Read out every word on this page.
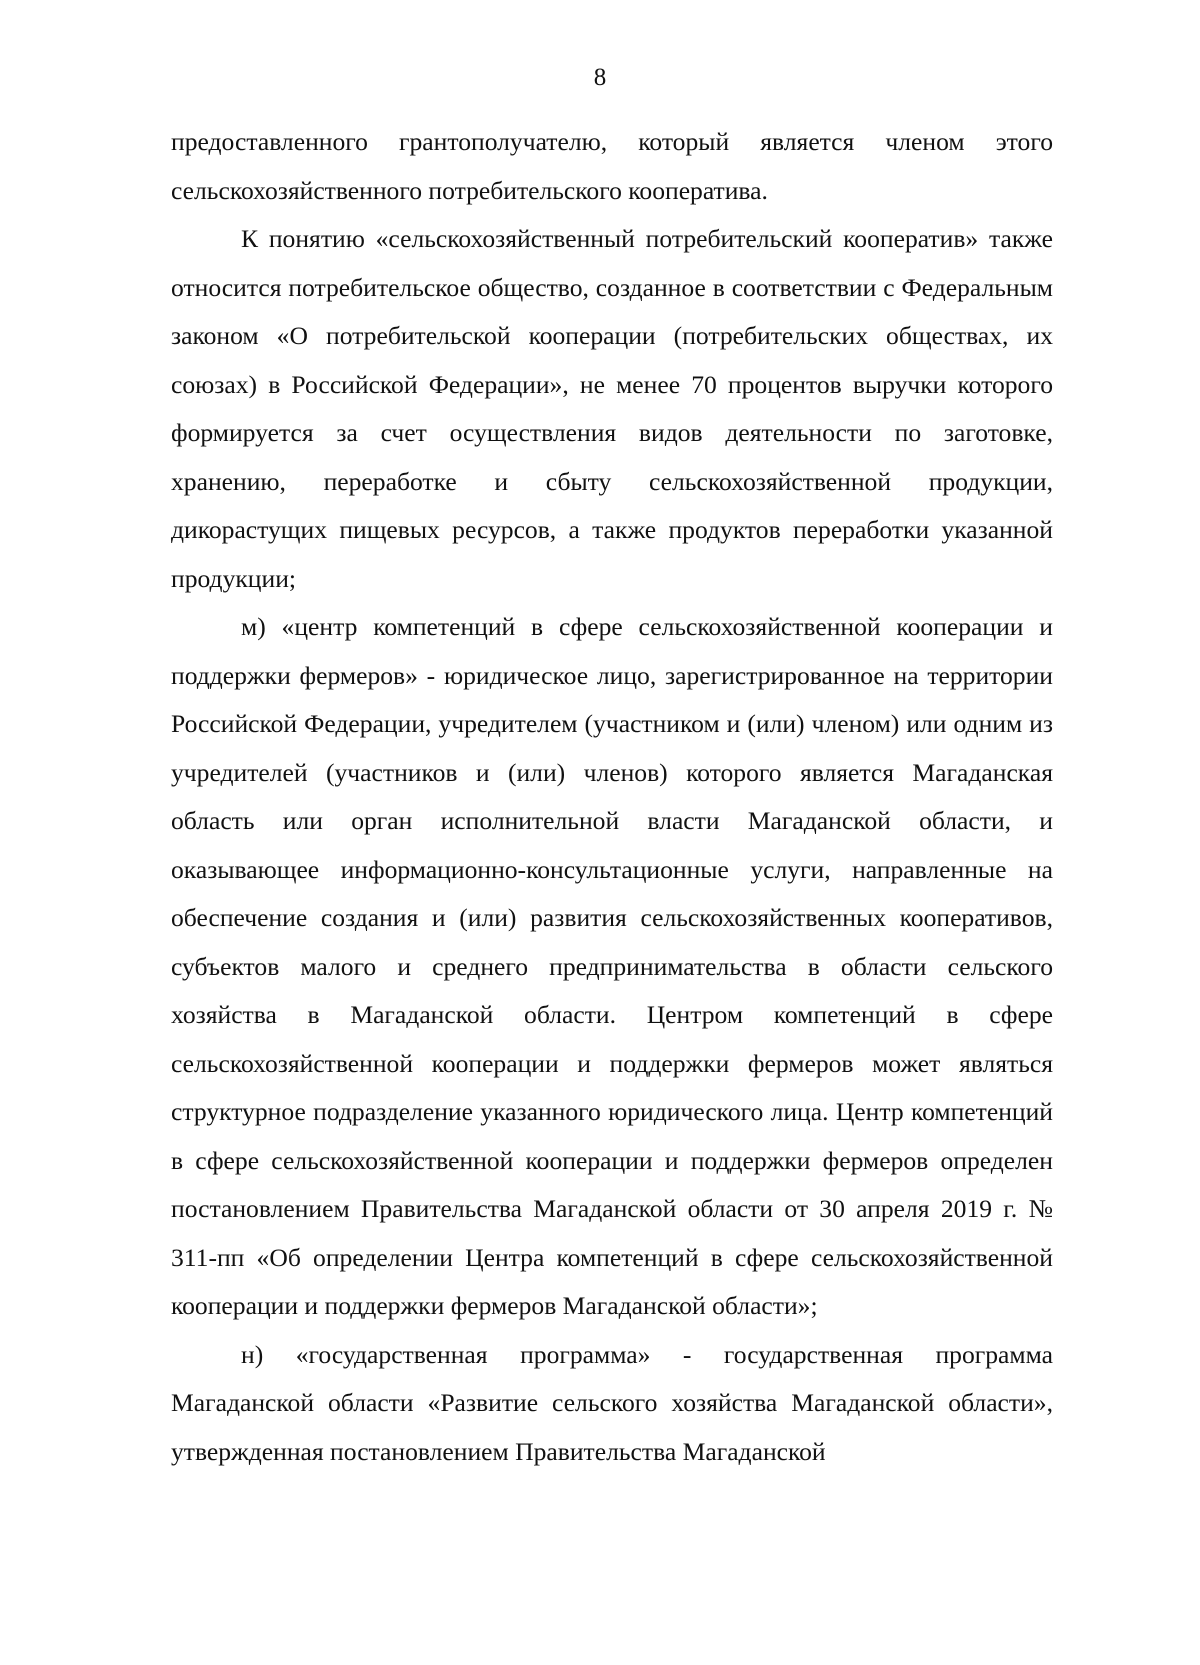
8

предоставленного грантополучателю, который является членом этого сельскохозяйственного потребительского кооператива.

К понятию «сельскохозяйственный потребительский кооператив» также относится потребительское общество, созданное в соответствии с Федеральным законом «О потребительской кооперации (потребительских обществах, их союзах) в Российской Федерации», не менее 70 процентов выручки которого формируется за счет осуществления видов деятельности по заготовке, хранению, переработке и сбыту сельскохозяйственной продукции, дикорастущих пищевых ресурсов, а также продуктов переработки указанной продукции;

м) «центр компетенций в сфере сельскохозяйственной кооперации и поддержки фермеров» - юридическое лицо, зарегистрированное на территории Российской Федерации, учредителем (участником и (или) членом) или одним из учредителей (участников и (или) членов) которого является Магаданская область или орган исполнительной власти Магаданской области, и оказывающее информационно-консультационные услуги, направленные на обеспечение создания и (или) развития сельскохозяйственных кооперативов, субъектов малого и среднего предпринимательства в области сельского хозяйства в Магаданской области. Центром компетенций в сфере сельскохозяйственной кооперации и поддержки фермеров может являться структурное подразделение указанного юридического лица. Центр компетенций в сфере сельскохозяйственной кооперации и поддержки фермеров определен постановлением Правительства Магаданской области от 30 апреля 2019 г. № 311-пп «Об определении Центра компетенций в сфере сельскохозяйственной кооперации и поддержки фермеров Магаданской области»;

н) «государственная программа» - государственная программа Магаданской области «Развитие сельского хозяйства Магаданской области», утвержденная постановлением Правительства Магаданской
